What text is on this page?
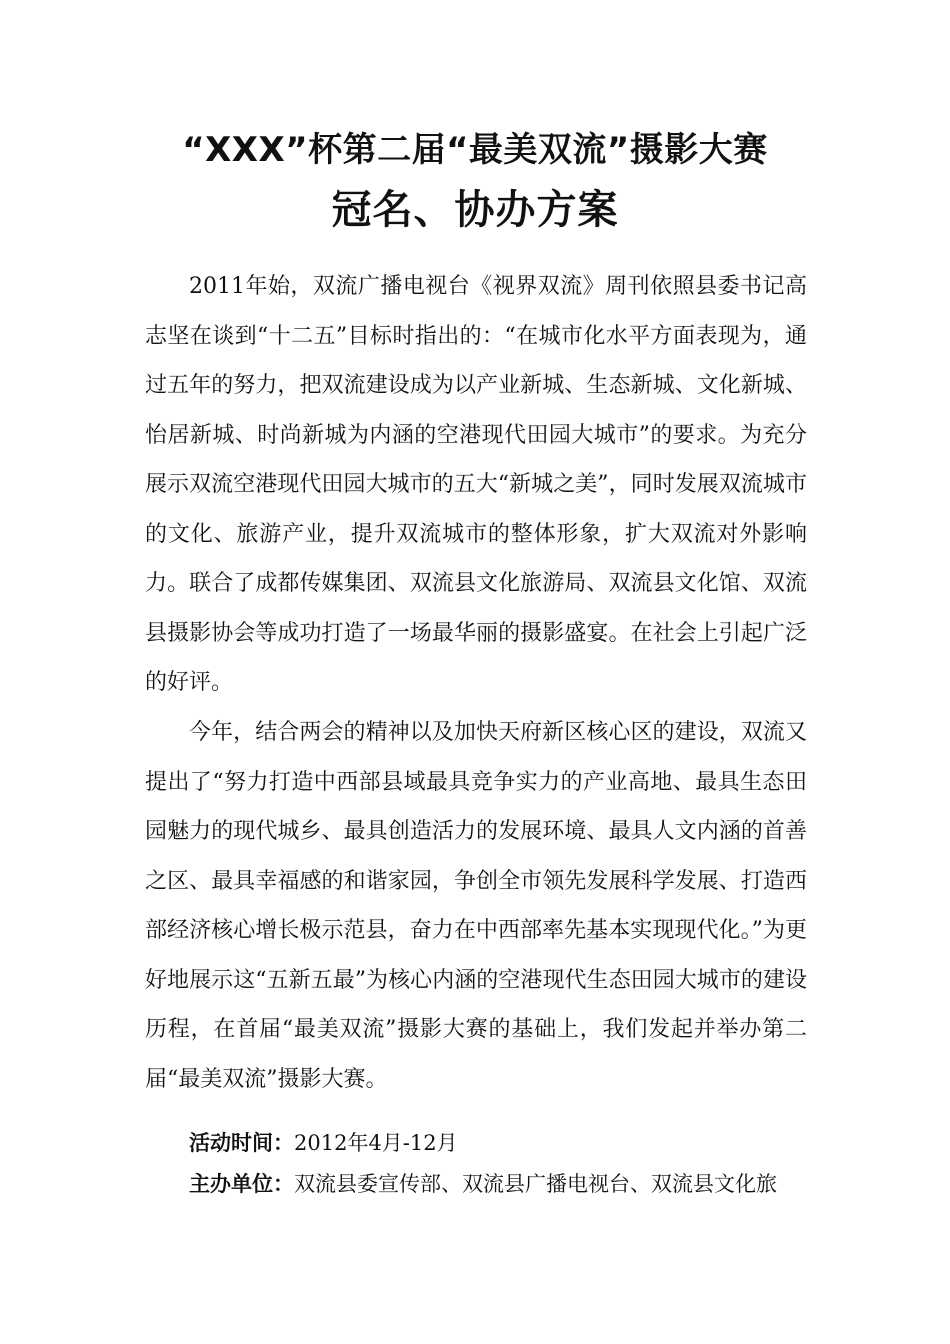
“XXX”杯第二届“最美双流”摄影大赛
冠名、协办方案

2011年始，双流广播电视台《视界双流》周刊依照县委书记高志坚在谈到“十二五”目标时指出的：“在城市化水平方面表现为，通过五年的努力，把双流建设成为以产业新城、生态新城、文化新城、怡居新城、时尚新城为内涵的空港现代田园大城市”的要求。为充分展示双流空港现代田园大城市的五大“新城之美”，同时发展双流城市的文化、旅游产业，提升双流城市的整体形象，扩大双流对外影响力。联合了成都传媒集团、双流县文化旅游局、双流县文化馆、双流县摄影协会等成功打造了一场最华丽的摄影盛宴。在社会上引起广泛的好评。

今年，结合两会的精神以及加快天府新区核心区的建设，双流又提出了“努力打造中西部县域最具竞争实力的产业高地、最具生态田园魅力的现代城乡、最具创造活力的发展环境、最具人文内涵的首善之区、最具幸福感的和谐家园，争创全市领先发展科学发展、打造西部经济核心增长极示范县，奋力在中西部率先基本实现现代化。”为更好地展示这“五新五最”为核心内涵的空港现代生态田园大城市的建设历程，在首届“最美双流”摄影大赛的基础上，我们发起并举办第二届“最美双流”摄影大赛。

活动时间：2012年4月-12月

主办单位：双流县委宣传部、双流县广播电视台、双流县文化旅
